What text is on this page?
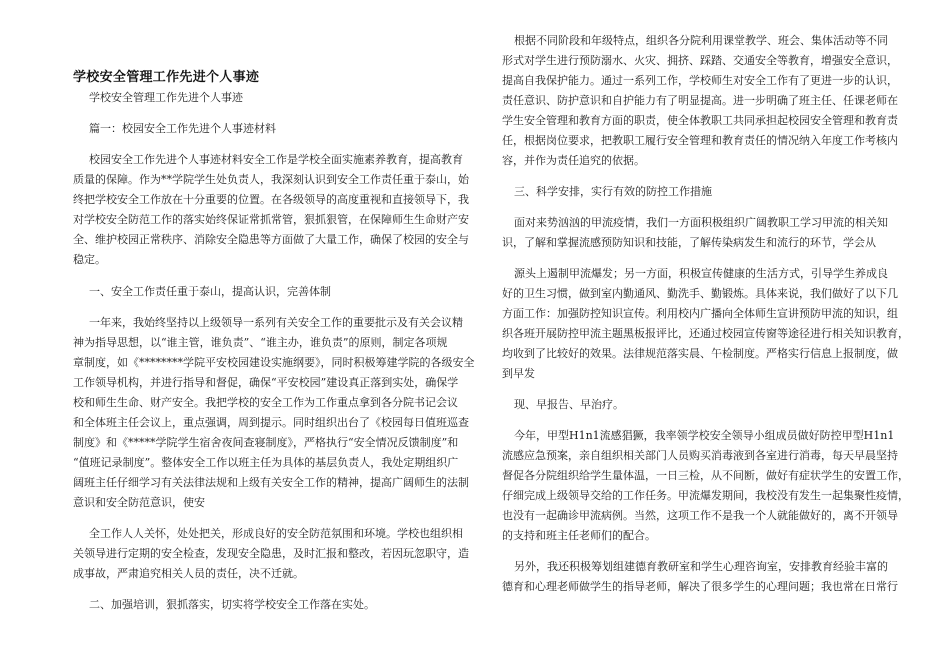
学校安全管理工作先进个人事迹
学校安全管理工作先进个人事迹
篇一：校园安全工作先进个人事迹材料
校园安全工作先进个人事迹材料安全工作是学校全面实施素养教育，提高教育
质量的保障。作为**学院学生处负责人，我深刻认识到安全工作责任重于泰山，始
终把学校安全工作放在十分重要的位置。在各级领导的高度重视和直接领导下，我
对学校安全防范工作的落实始终保证常抓常管，狠抓狠管，在保障师生生命财产安
全、维护校园正常秩序、消除安全隐患等方面做了大量工作，确保了校园的安全与
稳定。
一、安全工作责任重于泰山，提高认识，完善体制
一年来，我始终坚持以上级领导一系列有关安全工作的重要批示及有关会议精
神为指导思想，以“谁主管，谁负责”、“谁主办，谁负责”的原则，制定各项规
章制度，如《********学院平安校园建设实施纲要》，同时积极筹建学院的各级安全
工作领导机构，并进行指导和督促，确保“平安校园”建设真正落到实处，确保学
校和师生生命、财产安全。我把学校的安全工作为工作重点拿到各分院书记会议
和全体班主任会议上，重点强调，周到提示。同时组织出台了《校园每日值班巡查
制度》和《*****学院学生宿舍夜间查寝制度》，严格执行“安全情况反馈制度”和
“值班记录制度”。整体安全工作以班主任为具体的基层负责人，我处定期组织广
阔班主任仔细学习有关法律法规和上级有关安全工作的精神，提高广阔师生的法制
意识和安全防范意识，使安
全工作人人关怀，处处把关，形成良好的安全防范氛围和环境。学校也组织相
关领导进行定期的安全检查，发现安全隐患，及时汇报和整改，若因玩忽职守，造
成事故，严肃追究相关人员的责任，决不迁就。
二、加强培训，狠抓落实，切实将学校安全工作落在实处。
根据不同阶段和年级特点，组织各分院利用课堂教学、班会、集体活动等不同
形式对学生进行预防溺水、火灾、拥挤、踩踏、交通安全等教育，增强安全意识，
提高自我保护能力。通过一系列工作，学校师生对安全工作有了更进一步的认识，
责任意识、防护意识和自护能力有了明显提高。进一步明确了班主任、任课老师在
学生安全管理和教育方面的职责，使全体教职工共同承担起校园安全管理和教育责
任，根据岗位要求，把教职工履行安全管理和教育责任的情况纳入年度工作考核内
容，并作为责任追究的依据。
三、科学安排，实行有效的防控工作措施
面对来势汹汹的甲流疫情，我们一方面积极组织广阔教职工学习甲流的相关知
识，了解和掌握流感预防知识和技能，了解传染病发生和流行的环节，学会从
源头上遏制甲流爆发；另一方面，积极宣传健康的生活方式，引导学生养成良
好的卫生习惯，做到室内勤通风、勤洗手、勤锻炼。具体来说，我们做好了以下几
方面工作：加强防控知识宣传。利用校内广播向全体师生宣讲预防甲流的知识，组
织各班开展防控甲流主题黑板报评比，还通过校园宣传窗等途径进行相关知识教育，
均收到了比较好的效果。法律规范落实晨、午检制度。严格实行信息上报制度，做
到早发
现、早报告、早治疗。
今年，甲型H1n1流感猖獗，我率领学校安全领导小组成员做好防控甲型H1n1
流感应急预案，亲自组织相关部门人员购买消毒液到各室进行消毒，每天早晨坚持
督促各分院组织给学生量体温，一日三检，从不间断，做好有症状学生的安置工作，
仔细完成上级领导交给的工作任务。甲流爆发期间，我校没有发生一起集聚性疫情，
也没有一起确诊甲流病例。当然，这项工作不是我一个人就能做好的，离不开领导
的支持和班主任老师们的配合。
另外，我还积极筹划组建德育教研室和学生心理咨询室，安排教育经验丰富的
德育和心理老师做学生的指导老师，解决了很多学生的心理问题；我也常在日常行
